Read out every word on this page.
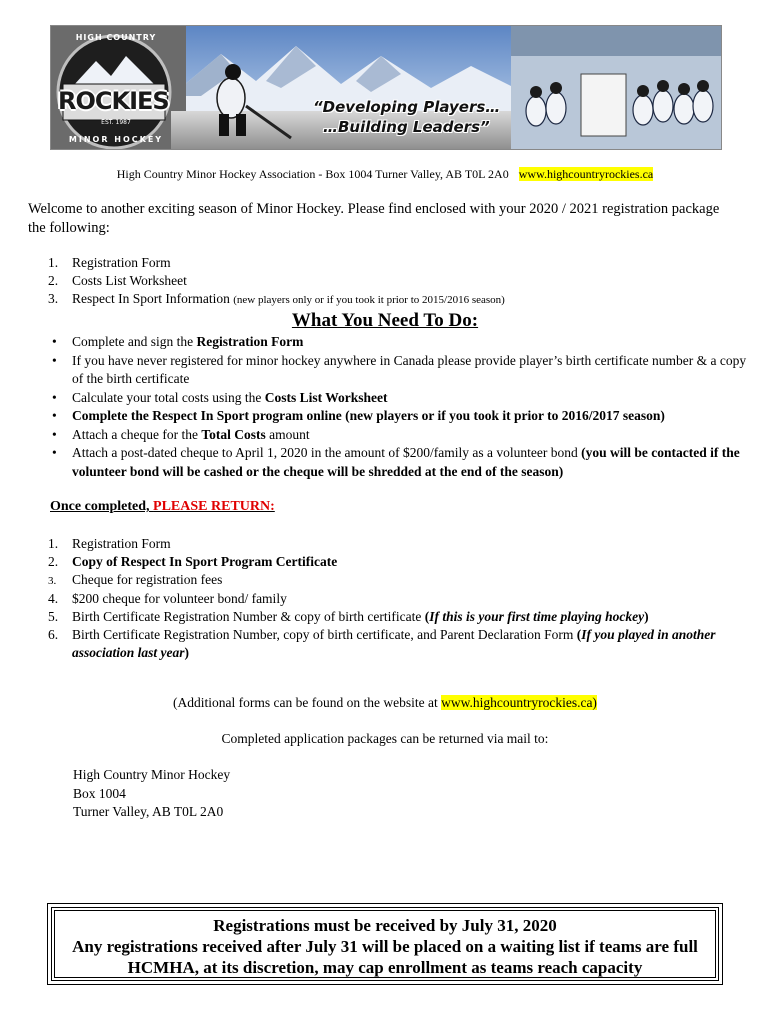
HIGH COUNTRY
ROCKIES
EST. 1987
MINOR HOCKEY
“Developing Players…
…Building Leaders”
High Country Minor Hockey Association - Box 1004 Turner Valley, AB T0L 2A0 www.highcountryrockies.ca
Welcome to another exciting season of Minor Hockey. Please find enclosed with your 2020 / 2021 registration package the following:
1. Registration Form
2. Costs List Worksheet
3. Respect In Sport Information (new players only or if you took it prior to 2015/2016 season)
What You Need To Do:
• Complete and sign the Registration Form
• If you have never registered for minor hockey anywhere in Canada please provide player’s birth certificate number & a copy of the birth certificate
• Calculate your total costs using the Costs List Worksheet
• Complete the Respect In Sport program online (new players or if you took it prior to 2016/2017 season)
• Attach a cheque for the Total Costs amount
• Attach a post-dated cheque to April 1, 2020 in the amount of $200/family as a volunteer bond (you will be contacted if the volunteer bond will be cashed or the cheque will be shredded at the end of the season)
Once completed, PLEASE RETURN:
1. Registration Form
2. Copy of Respect In Sport Program Certificate
3. Cheque for registration fees
4. $200 cheque for volunteer bond/ family
5. Birth Certificate Registration Number & copy of birth certificate (If this is your first time playing hockey)
6. Birth Certificate Registration Number, copy of birth certificate, and Parent Declaration Form (If you played in another association last year)
(Additional forms can be found on the website at www.highcountryrockies.ca)
Completed application packages can be returned via mail to:
High Country Minor Hockey
Box 1004
Turner Valley, AB T0L 2A0
Registrations must be received by July 31, 2020
Any registrations received after July 31 will be placed on a waiting list if teams are full
HCMHA, at its discretion, may cap enrollment as teams reach capacity
